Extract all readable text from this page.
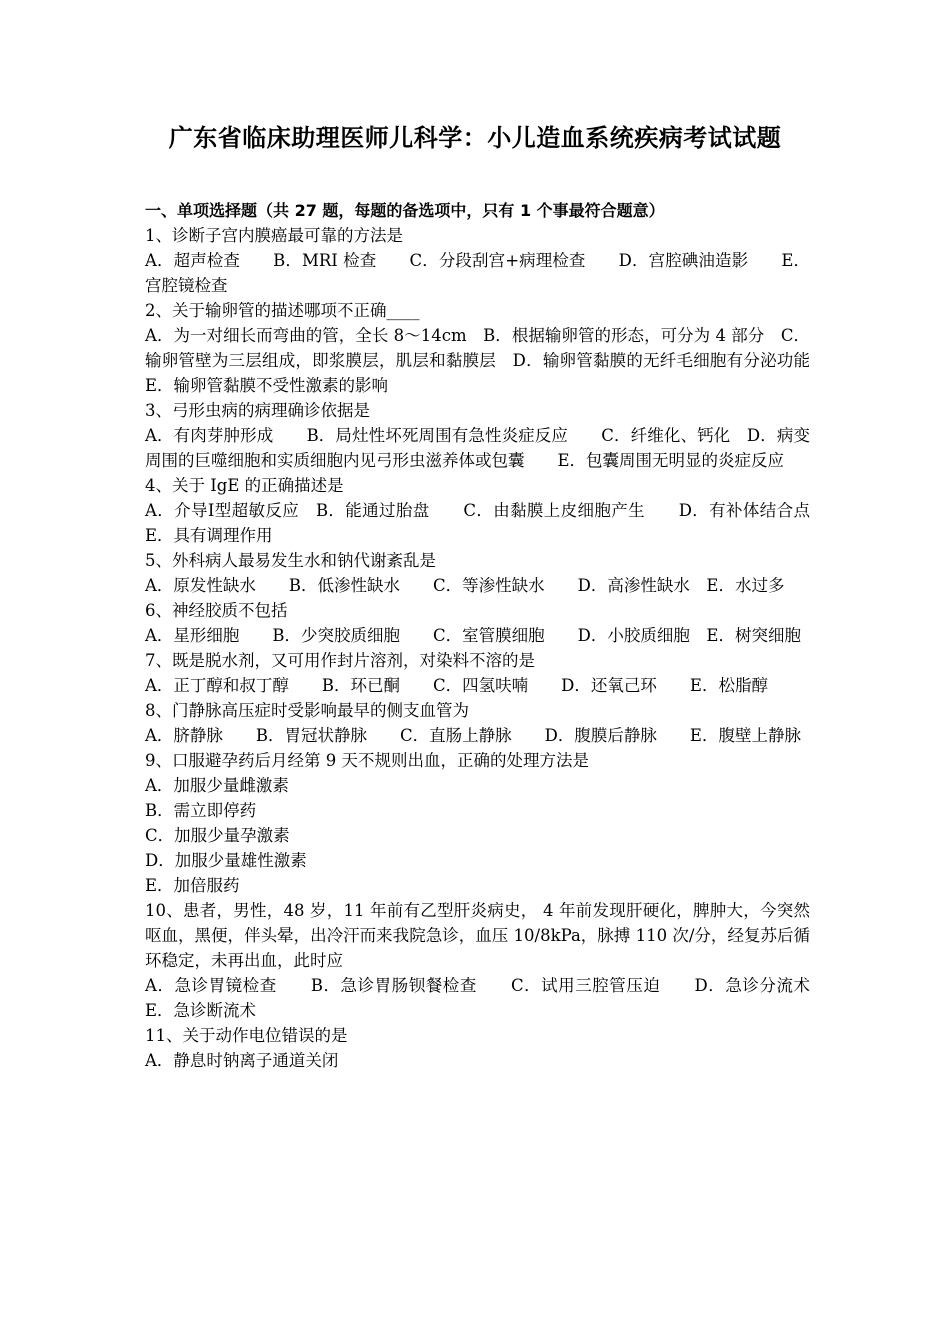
广东省临床助理医师儿科学：小儿造血系统疾病考试试题

一、单项选择题（共 27 题，每题的备选项中，只有 1 个事最符合题意）

1、诊断子宫内膜癌最可靠的方法是

A．超声检查　　B．MRI 检查　　C．分段刮宫+病理检查　　D．宫腔碘油造影　　E．宫腔镜检查

2、关于输卵管的描述哪项不正确____

A．为一对细长而弯曲的管，全长 8～14cm　B．根据输卵管的形态，可分为 4 部分　C．输卵管壁为三层组成，即浆膜层，肌层和黏膜层　D．输卵管黏膜的无纤毛细胞有分泌功能　E．输卵管黏膜不受性激素的影响

3、弓形虫病的病理确诊依据是

A．有肉芽肿形成　　B．局灶性坏死周围有急性炎症反应　　C．纤维化、钙化　D．病变周围的巨噬细胞和实质细胞内见弓形虫滋养体或包囊　　E．包囊周围无明显的炎症反应

4、关于 IgE 的正确描述是

A．介导Ⅰ型超敏反应　B．能通过胎盘　　C．由黏膜上皮细胞产生　　D．有补体结合点　　E．具有调理作用

5、外科病人最易发生水和钠代谢紊乱是

A．原发性缺水　　B．低渗性缺水　　C．等渗性缺水　　D．高渗性缺水　E．水过多

6、神经胶质不包括

A．星形细胞　　B．少突胶质细胞　　C．室管膜细胞　　D．小胶质细胞　E．树突细胞

7、既是脱水剂，又可用作封片溶剂，对染料不溶的是

A．正丁醇和叔丁醇　　B．环已酮　　C．四氢呋喃　　D．还氧己环　　E．松脂醇

8、门静脉高压症时受影响最早的侧支血管为

A．脐静脉　　B．胃冠状静脉　　C．直肠上静脉　　D．腹膜后静脉　　E．腹壁上静脉

9、口服避孕药后月经第 9 天不规则出血，正确的处理方法是

A．加服少量雌激素

B．需立即停药

C．加服少量孕激素

D．加服少量雄性激素

E．加倍服药

10、患者，男性，48 岁，11 年前有乙型肝炎病史， 4 年前发现肝硬化，脾肿大，今突然呕血，黑便，伴头晕，出冷汗而来我院急诊，血压 10/8kPa，脉搏 110 次/分，经复苏后循环稳定，未再出血，此时应

A．急诊胃镜检查　　B．急诊胃肠钡餐检查　　C．试用三腔管压迫　　D．急诊分流术　　E．急诊断流术

11、关于动作电位错误的是

A．静息时钠离子通道关闭
